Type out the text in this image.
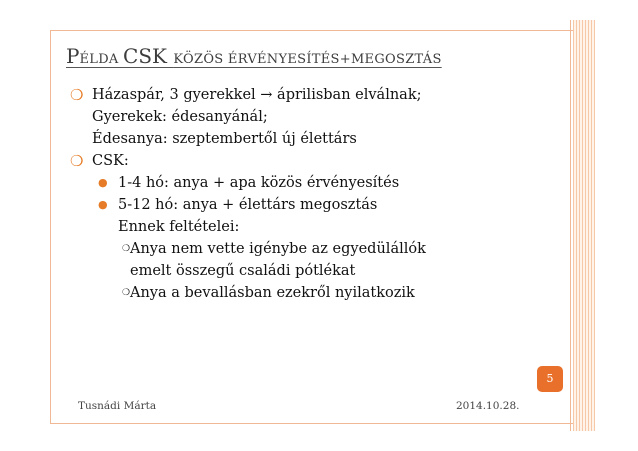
PÉLDA CSK KÖZÖS ÉRVÉNYESÍTÉS+MEGOSZTÁS
❍ Házaspár, 3 gyerekkel → áprilisban elválnak;
Gyerekek: édesanyánál;
Édesanya: szeptembertől új élettárs
❍ CSK:
● 1-4 hó: anya + apa közös érvényesítés
● 5-12 hó: anya + élettárs megosztás
Ennek feltételei:
❍ Anya nem vette igénybe az egyedülállók
emelt összegű családi pótlékat
❍ Anya a bevallásban ezekről nyilatkozik
5
Tusnádi Márta	2014.10.28.
